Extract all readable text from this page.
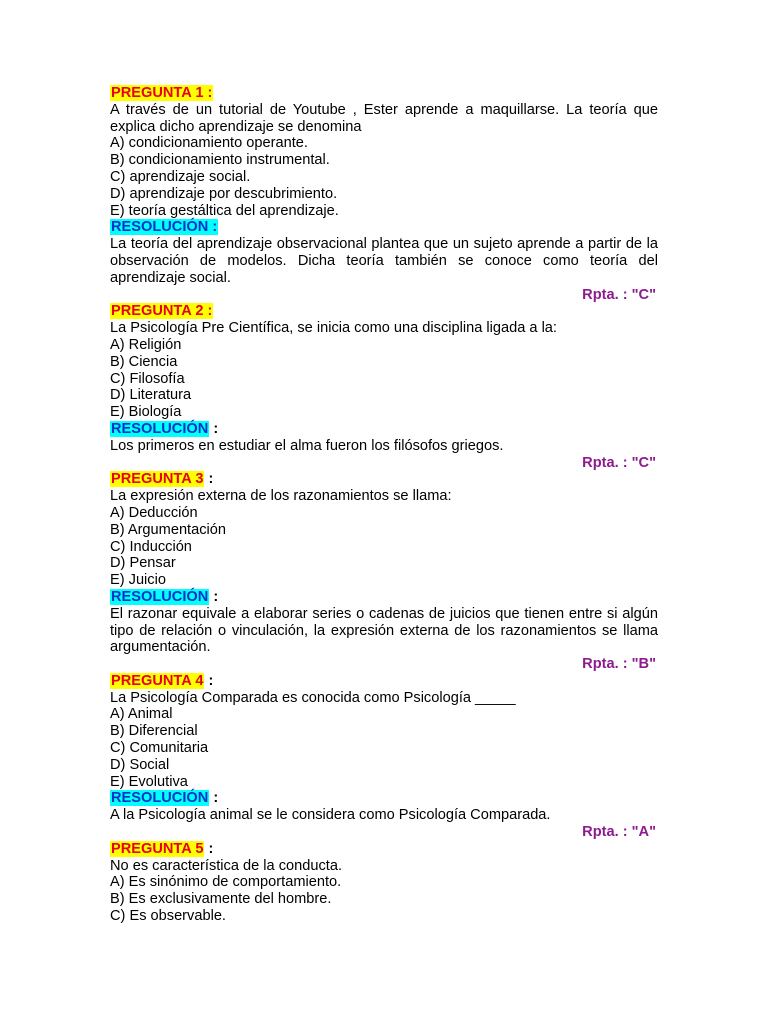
PREGUNTA 1 :
A través de un tutorial de Youtube , Ester aprende a maquillarse. La teoría que explica dicho aprendizaje se denomina
A) condicionamiento operante.
B) condicionamiento instrumental.
C) aprendizaje social.
D) aprendizaje por descubrimiento.
E) teoría gestáltica del aprendizaje.
RESOLUCIÓN :
La teoría del aprendizaje observacional plantea que un sujeto aprende a partir de la observación de modelos. Dicha teoría también se conoce como teoría del aprendizaje social.
Rpta. : "C"
PREGUNTA 2 :
La Psicología Pre Científica, se inicia como una disciplina ligada a la:
A) Religión
B) Ciencia
C) Filosofía
D) Literatura
E) Biología
RESOLUCIÓN :
Los primeros en estudiar el alma fueron los filósofos griegos.
Rpta. : "C"
PREGUNTA 3 :
La expresión externa de los razonamientos se llama:
A) Deducción
B) Argumentación
C) Inducción
D) Pensar
E) Juicio
RESOLUCIÓN :
El razonar equivale a elaborar series o cadenas de juicios que tienen entre si algún tipo de relación o vinculación, la expresión externa de los razonamientos se llama argumentación.
Rpta. : "B"
PREGUNTA 4 :
La Psicología Comparada es conocida como Psicología _____
A) Animal
B) Diferencial
C) Comunitaria
D) Social
E) Evolutiva
RESOLUCIÓN :
A la Psicología animal se le considera como Psicología Comparada.
Rpta. : "A"
PREGUNTA 5 :
No es característica de la conducta.
A) Es sinónimo de comportamiento.
B) Es exclusivamente del hombre.
C) Es observable.
